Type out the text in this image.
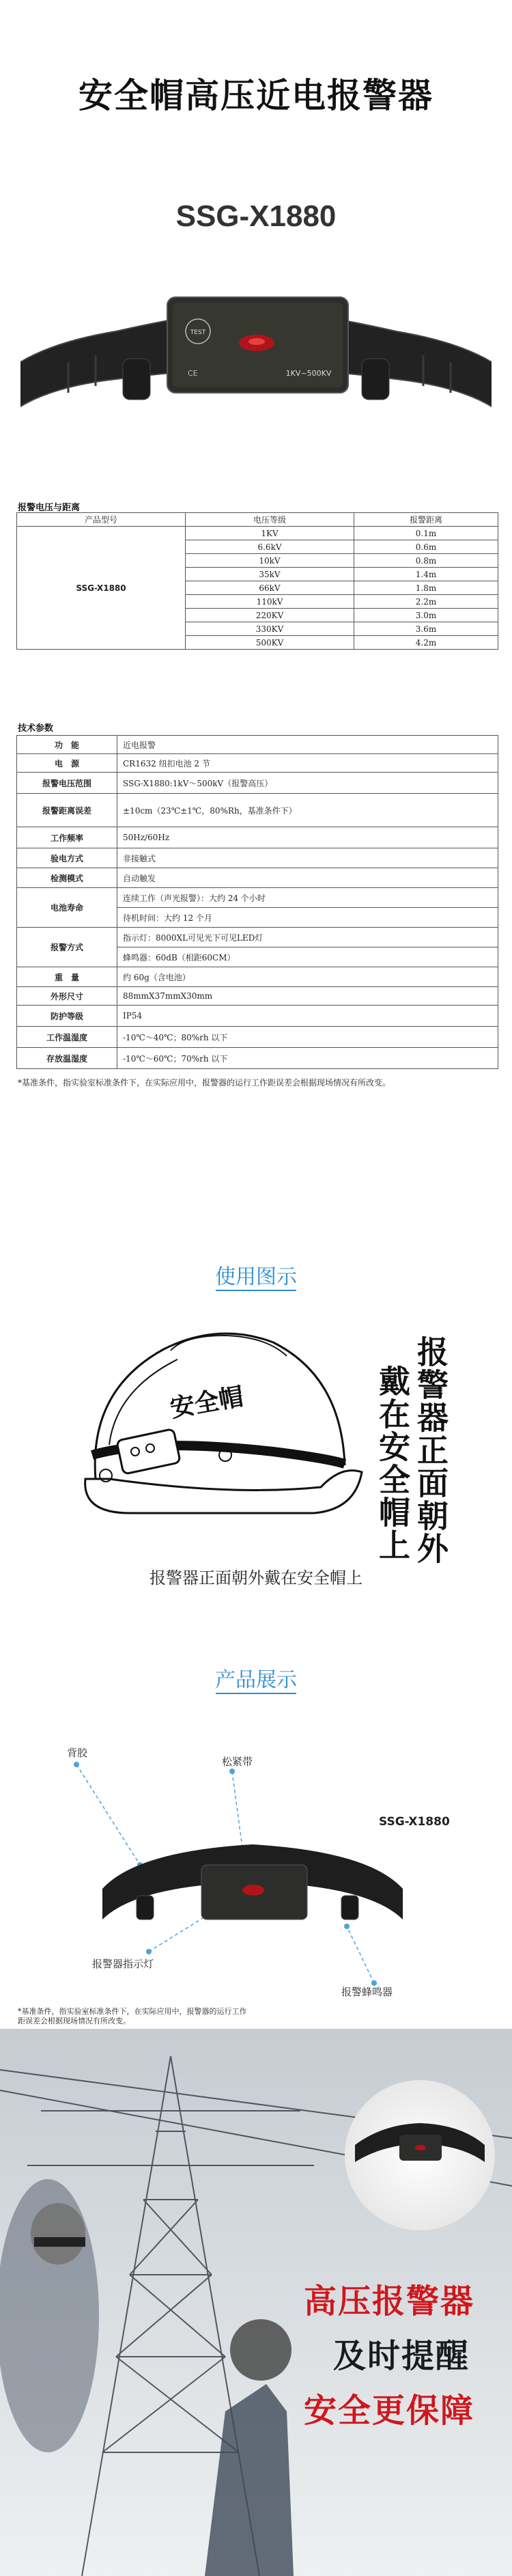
安全帽高压近电报警器
SSG-X1880
TEST
1KV~500KV
CE
报警电压与距离
产品型号	电压等级	报警距离
SSG-X1880	1KV	0.1m
	6.6kV	0.6m
	10kV	0.8m
	35kV	1.4m
	66kV	1.8m
	110kV	2.2m
	220KV	3.0m
	330KV	3.6m
	500KV	4.2m
技术参数
功　能	近电报警
电　源	CR1632 纽扣电池 2 节
报警电压范围	SSG-X1880:1kV～500kV（报警高压）
报警距离误差	±10cm（23℃±1℃，80%Rh，基准条件下）
工作频率	50Hz/60Hz
验电方式	非接触式
检测模式	自动触发
电池寿命	连续工作（声光报警）：大约 24 个小时
	待机时间：大约 12 个月
报警方式	指示灯：8000XL可见光下可见LED灯
	蜂鸣器：60dB（相距60CM）
重　量	约 60g（含电池）
外形尺寸	88mmX37mmX30mm
防护等级	IP54
工作温湿度	-10℃～40℃；80%rh 以下
存放温湿度	-10℃～60℃；70%rh 以下
*基准条件，指实验室标准条件下，在实际应用中，报警器的运行工作距误差会根据现场情况有所改变。
使用图示
安全帽	报警器正面朝外
戴在安全帽上
报警器正面朝外戴在安全帽上
产品展示
背胶
松紧带
SSG-X1880
报警器指示灯
报警蜂鸣器
*基准条件，指实验室标准条件下，在实际应用中，报警器的运行工作距误差会根据现场情况有所改变。
高压报警器
及时提醒
安全更保障
